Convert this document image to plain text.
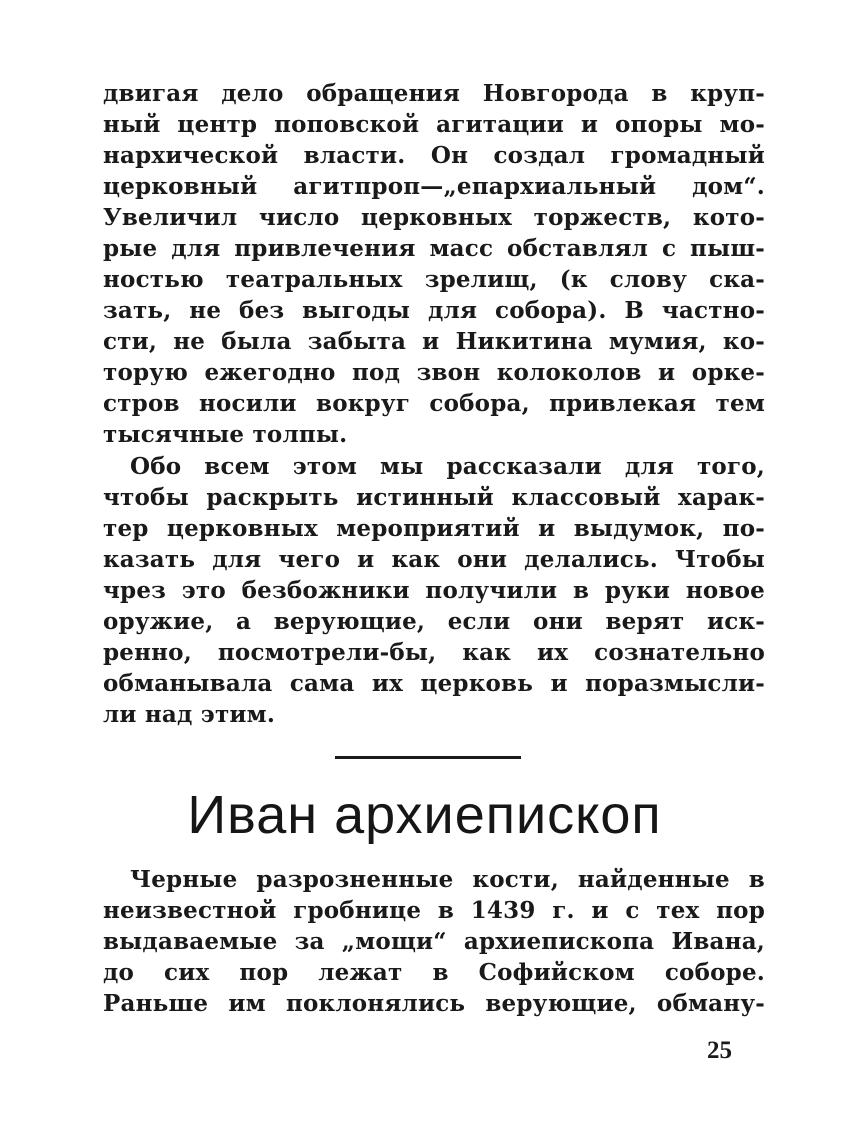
двигая дело обращения Новгорода в круп-
ный центр поповской агитации и опоры мо-
нархической власти. Он создал громадный
церковный агитпроп—„епархиальный дом“.
Увеличил число церковных торжеств, кото-
рые для привлечения масс обставлял с пыш-
ностью театральных зрелищ, (к слову ска-
зать, не без выгоды для собора). В частно-
сти, не была забыта и Никитина мумия, ко-
торую ежегодно под звон колоколов и орке-
стров носили вокруг собора, привлекая тем
тысячные толпы.
Обо всем этом мы рассказали для того,
чтобы раскрыть истинный классовый харак-
тер церковных мероприятий и выдумок, по-
казать для чего и как они делались. Чтобы
чрез это безбожники получили в руки новое
оружие, а верующие, если они верят иск-
ренно, посмотрели-бы, как их сознательно
обманывала сама их церковь и поразмысли-
ли над этим.
Иван архиепископ
Черные разрозненные кости, найденные в
неизвестной гробнице в 1439 г. и с тех пор
выдаваемые за „мощи“ архиепископа Ивана,
до сих пор лежат в Софийском соборе.
Раньше им поклонялись верующие, обману-
25
